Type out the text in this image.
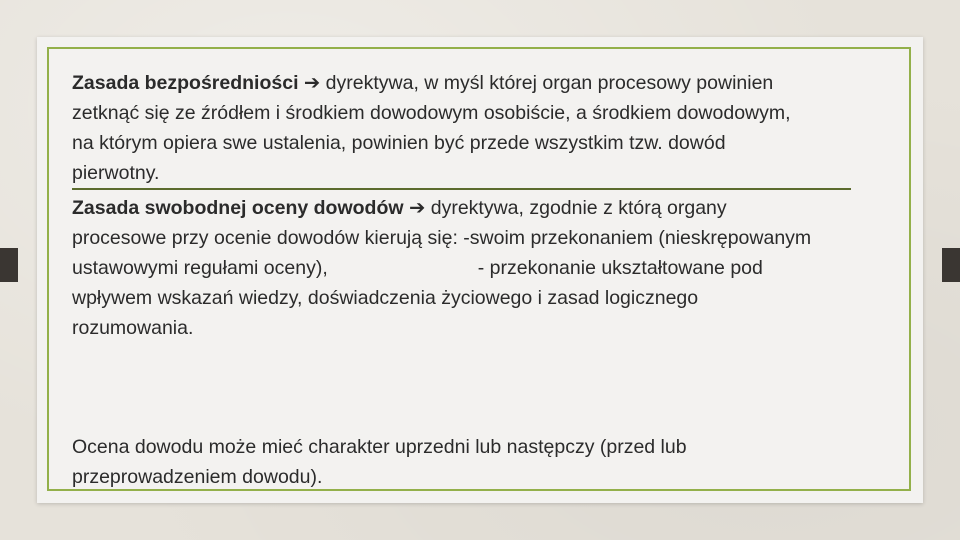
Zasada bezpośredniości ➔ dyrektywa, w myśl której organ procesowy powinien zetknąć się ze źródłem i środkiem dowodowym osobiście, a środkiem dowodowym, na którym opiera swe ustalenia, powinien być przede wszystkim tzw. dowód pierwotny.

Zasada swobodnej oceny dowodów ➔ dyrektywa, zgodnie z którą organy procesowe przy ocenie dowodów kierują się: -swoim przekonaniem (nieskrępowanym ustawowymi regułami oceny),	- przekonanie ukształtowane pod wpływem wskazań wiedzy, doświadczenia życiowego i zasad logicznego rozumowania.

Ocena dowodu może mieć charakter uprzedni lub następczy (przed lub przeprowadzeniem dowodu).
